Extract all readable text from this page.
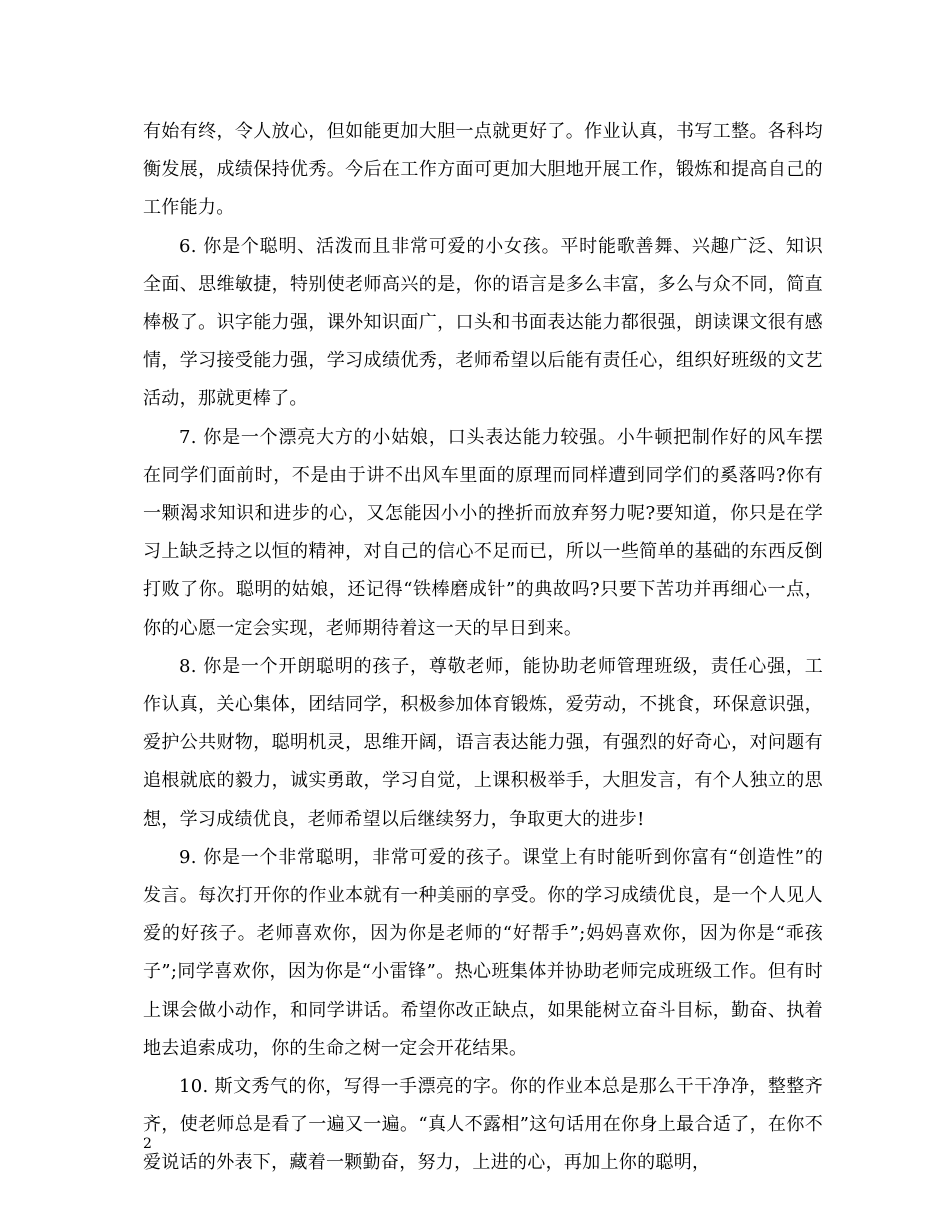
有始有终，令人放心，但如能更加大胆一点就更好了。作业认真，书写工整。各科均衡发展，成绩保持优秀。今后在工作方面可更加大胆地开展工作，锻炼和提高自己的工作能力。

6. 你是个聪明、活泼而且非常可爱的小女孩。平时能歌善舞、兴趣广泛、知识全面、思维敏捷，特别使老师高兴的是，你的语言是多么丰富，多么与众不同，简直棒极了。识字能力强，课外知识面广，口头和书面表达能力都很强，朗读课文很有感情，学习接受能力强，学习成绩优秀，老师希望以后能有责任心，组织好班级的文艺活动，那就更棒了。

7. 你是一个漂亮大方的小姑娘，口头表达能力较强。小牛顿把制作好的风车摆在同学们面前时，不是由于讲不出风车里面的原理而同样遭到同学们的奚落吗?你有一颗渴求知识和进步的心，又怎能因小小的挫折而放弃努力呢?要知道，你只是在学习上缺乏持之以恒的精神，对自己的信心不足而已，所以一些简单的基础的东西反倒打败了你。聪明的姑娘，还记得“铁棒磨成针”的典故吗?只要下苦功并再细心一点，你的心愿一定会实现，老师期待着这一天的早日到来。

8. 你是一个开朗聪明的孩子，尊敬老师，能协助老师管理班级，责任心强，工作认真，关心集体，团结同学，积极参加体育锻炼，爱劳动，不挑食，环保意识强，爱护公共财物，聪明机灵，思维开阔，语言表达能力强，有强烈的好奇心，对问题有追根就底的毅力，诚实勇敢，学习自觉，上课积极举手，大胆发言，有个人独立的思想，学习成绩优良，老师希望以后继续努力，争取更大的进步!

9. 你是一个非常聪明，非常可爱的孩子。课堂上有时能听到你富有“创造性”的发言。每次打开你的作业本就有一种美丽的享受。你的学习成绩优良，是一个人见人爱的好孩子。老师喜欢你，因为你是老师的“好帮手”;妈妈喜欢你，因为你是“乖孩子”;同学喜欢你，因为你是“小雷锋”。热心班集体并协助老师完成班级工作。但有时上课会做小动作，和同学讲话。希望你改正缺点，如果能树立奋斗目标，勤奋、执着地去追索成功，你的生命之树一定会开花结果。

10. 斯文秀气的你，写得一手漂亮的字。你的作业本总是那么干干净净，整整齐齐，使老师总是看了一遍又一遍。“真人不露相”这句话用在你身上最合适了，在你不爱说话的外表下，藏着一颗勤奋，努力，上进的心，再加上你的聪明，

2
